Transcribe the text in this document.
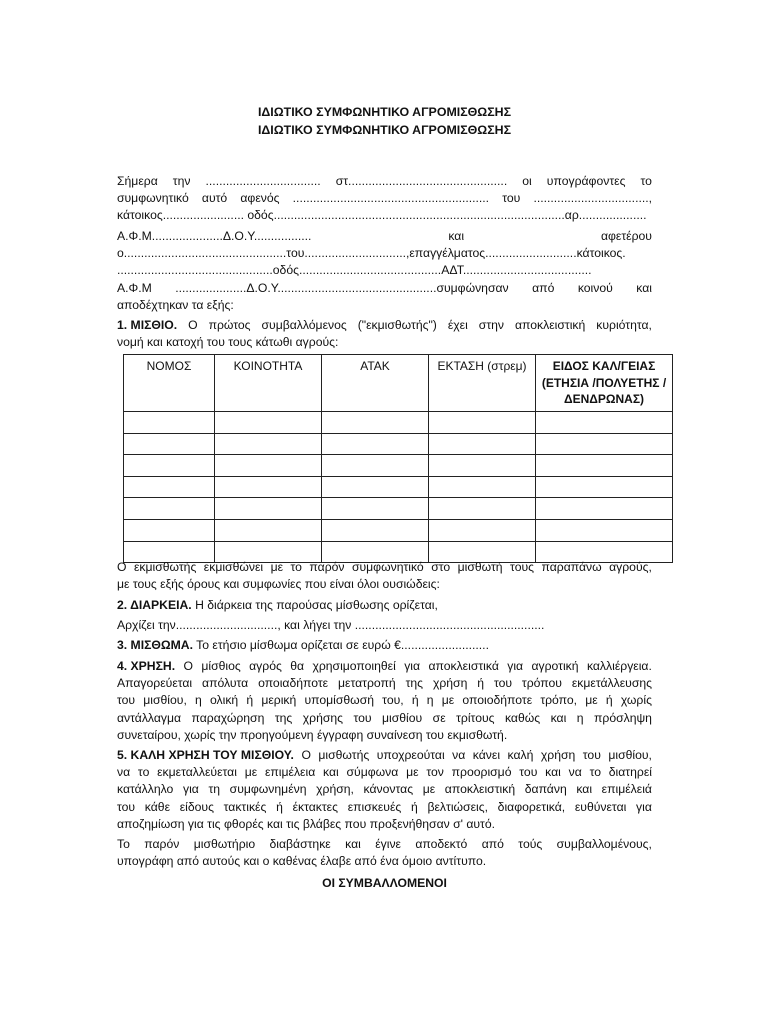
ΙΔΙΩΤΙΚΟ ΣΥΜΦΩΝΗΤΙΚΟ ΑΓΡΟΜΙΣΘΩΣΗΣ
ΙΔΙΩΤΙΚΟ ΣΥΜΦΩΝΗΤΙΚΟ ΑΓΡΟΜΙΣΘΩΣΗΣ
Σήμερα την .................................. στ............................................... οι υπογράφοντες το
συμφωνητικό αυτό αφενός .......................................................... του ..................................,
κάτοικος........................ οδός......................................................................................αρ....................
Α.Φ.Μ.....................Δ.Ο.Υ.................	και	αφετέρου
ο................................................του..............................,επαγγέλματος...........................κάτοικος.
..............................................οδός..........................................ΑΔΤ......................................
Α.Φ.Μ .....................Δ.Ο.Υ...............................................συμφώνησαν από κοινού και
αποδέχτηκαν τα εξής:
1. ΜΙΣΘΙΟ. Ο πρώτος συμβαλλόμενος ("εκμισθωτής") έχει στην αποκλειστική κυριότητα,
νομή και κατοχή του τους κάτωθι αγρούς:
ΝΟΜΟΣ	ΚΟΙΝΟΤΗΤΑ	ΑΤΑΚ	ΕΚΤΑΣΗ (στρεμ)	ΕΙΔΟΣ ΚΑΛ/ΓΕΙΑΣ (ΕΤΗΣΙΑ /ΠΟΛΥΕΤΗΣ / ΔΕΝΔΡΩΝΑΣ)

Ο εκμισθωτής εκμισθώνει με το παρόν συμφωνητικό στο μισθωτή τους παραπάνω αγρούς,
με τους εξής όρους και συμφωνίες που είναι όλοι ουσιώδεις:
2. ΔΙΑΡΚΕΙΑ. Η διάρκεια της παρούσας μίσθωσης ορίζεται,
Αρχίζει την.............................., και λήγει την ........................................................
3. ΜΙΣΘΩΜΑ. Το ετήσιο μίσθωμα ορίζεται σε ευρώ €..........................
4. ΧΡΗΣΗ. Ο μίσθιος αγρός θα χρησιμοποιηθεί για αποκλειστικά για αγροτική καλλιέργεια.
Απαγορεύεται απόλυτα οποιαδήποτε μετατροπή της χρήση ή του τρόπου εκμετάλλευσης
του μισθίου, η ολική ή μερική υπομίσθωσή του, ή η με οποιοδήποτε τρόπο, με ή χωρίς
αντάλλαγμα παραχώρηση της χρήσης του μισθίου σε τρίτους καθώς και η πρόσληψη
συνεταίρου, χωρίς την προηγούμενη έγγραφη συναίνεση του εκμισθωτή.
5. ΚΑΛΗ ΧΡΗΣΗ ΤΟΥ ΜΙΣΘΙΟΥ. Ο μισθωτής υποχρεούται να κάνει καλή χρήση του μισθίου,
να το εκμεταλλεύεται με επιμέλεια και σύμφωνα με τον προορισμό του και να το διατηρεί
κατάλληλο για τη συμφωνημένη χρήση, κάνοντας με αποκλειστική δαπάνη και επιμέλειά
του κάθε είδους τακτικές ή έκτακτες επισκευές ή βελτιώσεις, διαφορετικά, ευθύνεται για
αποζημίωση για τις φθορές και τις βλάβες που προξενήθησαν σ' αυτό.
Το παρόν μισθωτήριο διαβάστηκε και έγινε αποδεκτό από τούς συμβαλλομένους,
υπογράφη από αυτούς και ο καθένας έλαβε από ένα όμοιο αντίτυπο.
ΟΙ ΣΥΜΒΑΛΛΟΜΕΝΟΙ
